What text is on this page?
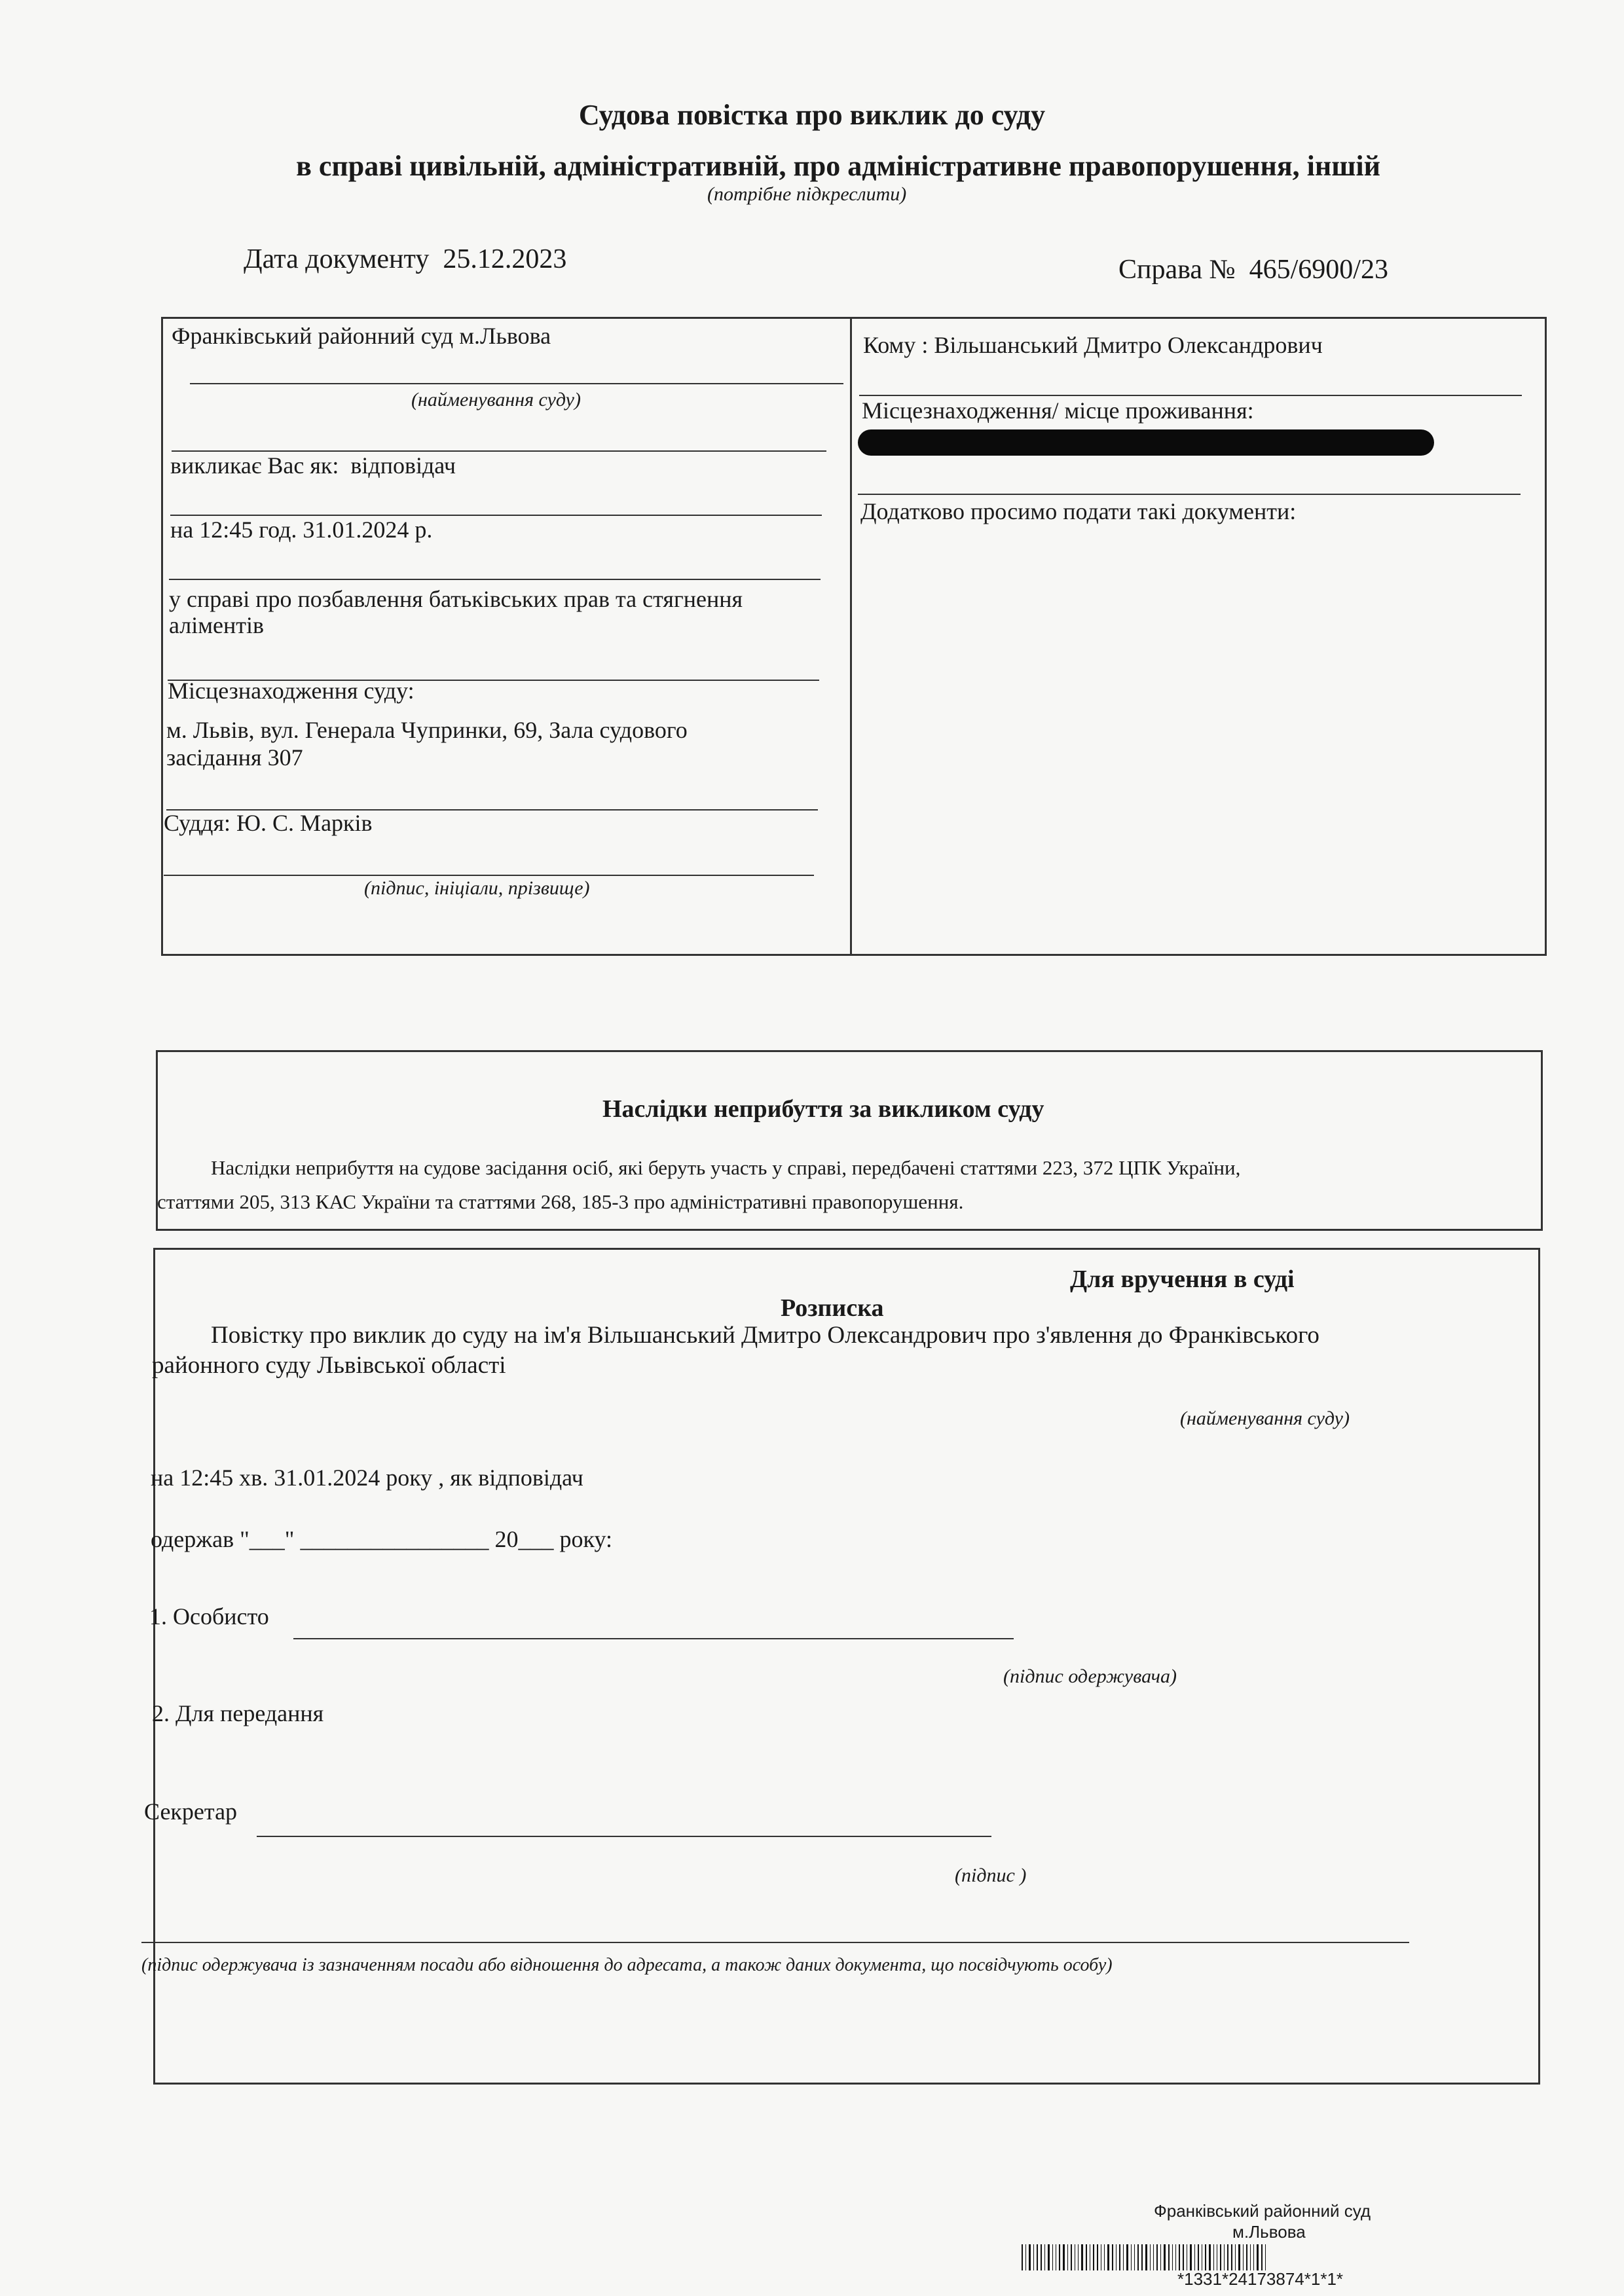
Судова повістка про виклик до суду
в справі цивільній, адміністративній, про адміністративне правопорушення, іншій
(потрібне підкреслити)
Дата документу 25.12.2023	Справа № 465/6900/23
Франківський районний суд м.Львова
(найменування суду)
викликає Вас як: відповідач
на 12:45 год. 31.01.2024 р.
у справі про позбавлення батьківських прав та стягнення
аліментів
Місцезнаходження суду:
м. Львів, вул. Генерала Чупринки, 69, Зала судового
засідання 307
Суддя: Ю. С. Марків
(підпис, ініціали, прізвище)
Кому : Вільшанський Дмитро Олександрович
Місцезнаходження/ місце проживання:
Додатково просимо подати такі документи:
Наслідки неприбуття за викликом суду
Наслідки неприбуття на судове засідання осіб, які беруть участь у справі, передбачені статтями 223, 372 ЦПК України,
статтями 205, 313 КАС України та статтями 268, 185-3 про адміністративні правопорушення.
Для вручення в суді
Розписка
Повістку про виклик до суду на ім'я Вільшанський Дмитро Олександрович про з'явлення до Франківського
районного суду Львівської області
(найменування суду)
на 12:45 хв. 31.01.2024 року , як відповідач
одержав "___" ________________ 20___ року:
1. Особисто
(підпис одержувача)
2. Для передання
Секретар
(підпис )
(підпис одержувача із зазначенням посади або відношення до адресата, а також даних документа, що посвідчують особу)
Франківський районний суд
м.Львова
*1331*24173874*1*1*
